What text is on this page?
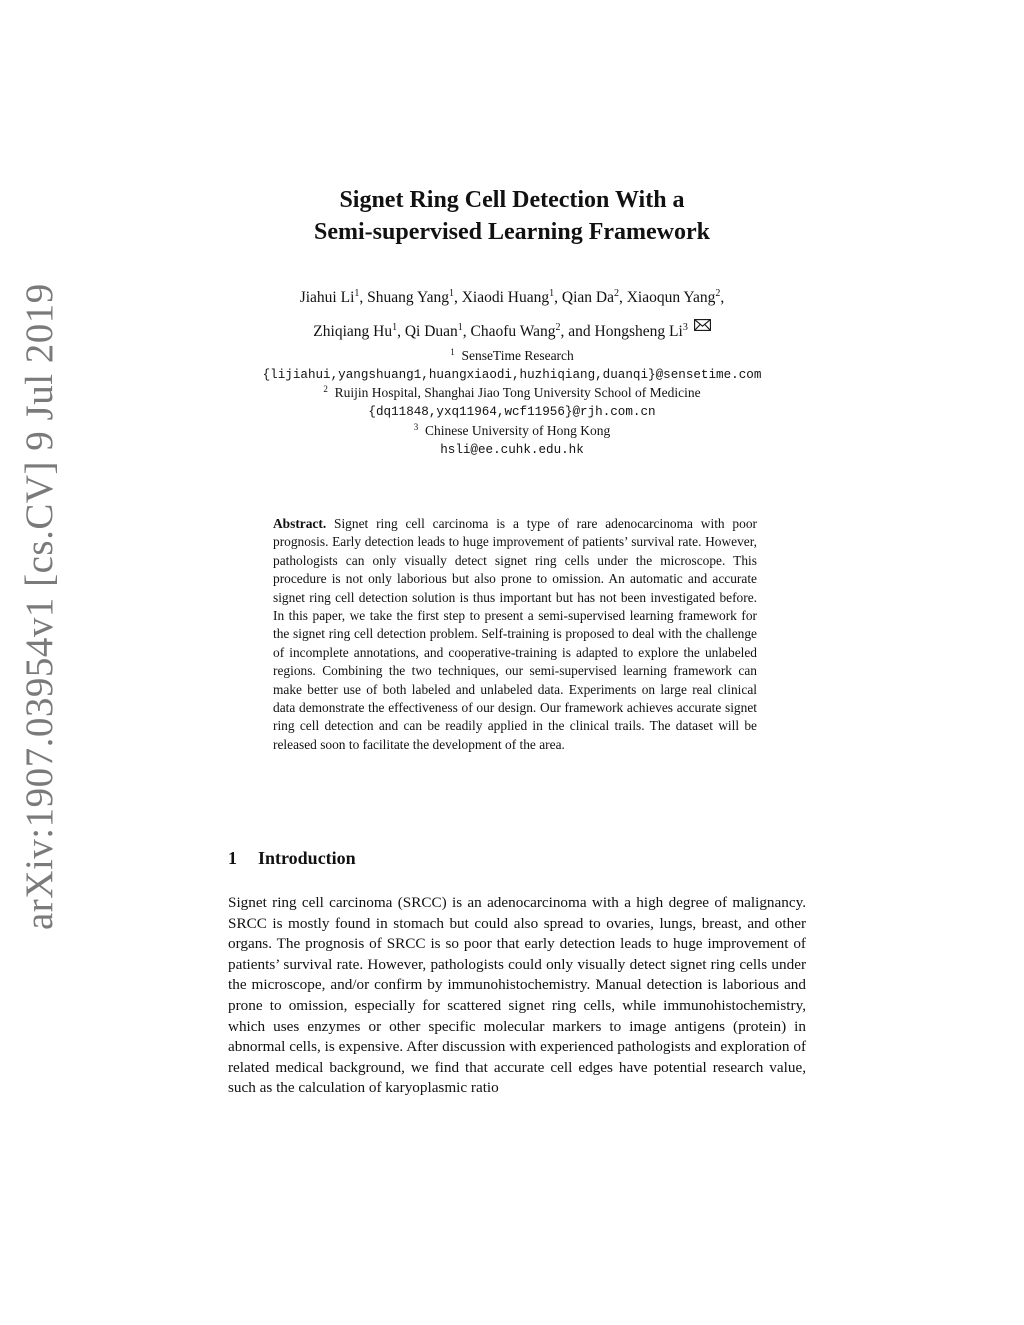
arXiv:1907.03954v1 [cs.CV] 9 Jul 2019
Signet Ring Cell Detection With a
Semi-supervised Learning Framework
Jiahui Li$^1$, Shuang Yang$^1$, Xiaodi Huang$^1$, Qian Da$^2$, Xiaoqun Yang$^2$,
Zhiqiang Hu$^1$, Qi Duan$^1$, Chaofu Wang$^2$, and Hongsheng Li$^3$
$^1$ SenseTime Research
{lijiahui,yangshuang1,huangxiaodi,huzhiqiang,duanqi}@sensetime.com
$^2$ Ruijin Hospital, Shanghai Jiao Tong University School of Medicine
{dq11848,yxq11964,wcf11956}@rjh.com.cn
$^3$ Chinese University of Hong Kong
hsli@ee.cuhk.edu.hk
Abstract. Signet ring cell carcinoma is a type of rare adenocarcinoma with poor prognosis. Early detection leads to huge improvement of patients’ survival rate. However, pathologists can only visually detect signet ring cells under the microscope. This procedure is not only laborious but also prone to omission. An automatic and accurate signet ring cell detection solution is thus important but has not been investigated before. In this paper, we take the first step to present a semi-supervised learning framework for the signet ring cell detection problem. Self-training is proposed to deal with the challenge of incomplete annotations, and cooperative-training is adapted to explore the unlabeled regions. Combining the two techniques, our semi-supervised learning framework can make better use of both labeled and unlabeled data. Experiments on large real clinical data demonstrate the effectiveness of our design. Our framework achieves accurate signet ring cell detection and can be readily applied in the clinical trails. The dataset will be released soon to facilitate the development of the area.
1 Introduction
Signet ring cell carcinoma (SRCC) is an adenocarcinoma with a high degree of malignancy. SRCC is mostly found in stomach but could also spread to ovaries, lungs, breast, and other organs. The prognosis of SRCC is so poor that early detection leads to huge improvement of patients’ survival rate. However, pathologists could only visually detect signet ring cells under the microscope, and/or confirm by immunohistochemistry. Manual detection is laborious and prone to omission, especially for scattered signet ring cells, while immunohistochemistry, which uses enzymes or other specific molecular markers to image antigens (protein) in abnormal cells, is expensive. After discussion with experienced pathologists and exploration of related medical background, we find that accurate cell edges have potential research value, such as the calculation of karyoplasmic ratio
